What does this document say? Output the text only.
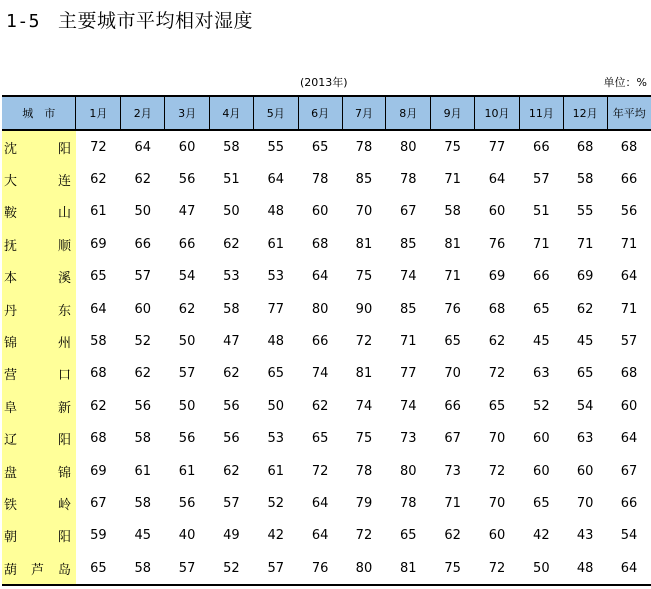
1-5 主要城市平均相对湿度
(2013年)	单位：%
城　市	1月	2月	3月	4月	5月	6月	7月	8月	9月	10月	11月	12月	年平均

沈 阳	72	64	60	58	55	65	78	80	75	77	66	68	68

大 连	62	62	56	51	64	78	85	78	71	64	57	58	66

鞍 山	61	50	47	50	48	60	70	67	58	60	51	55	56

抚 顺	69	66	66	62	61	68	81	85	81	76	71	71	71

本 溪	65	57	54	53	53	64	75	74	71	69	66	69	64

丹 东	64	60	62	58	77	80	90	85	76	68	65	62	71

锦 州	58	52	50	47	48	66	72	71	65	62	45	45	57

营 口	68	62	57	62	65	74	81	77	70	72	63	65	68

阜 新	62	56	50	56	50	62	74	74	66	65	52	54	60

辽 阳	68	58	56	56	53	65	75	73	67	70	60	63	64

盘 锦	69	61	61	62	61	72	78	80	73	72	60	60	67

铁 岭	67	58	56	57	52	64	79	78	71	70	65	70	66

朝 阳	59	45	40	49	42	64	72	65	62	60	42	43	54

葫 芦 岛	65	58	57	52	57	76	80	81	75	72	50	48	64
